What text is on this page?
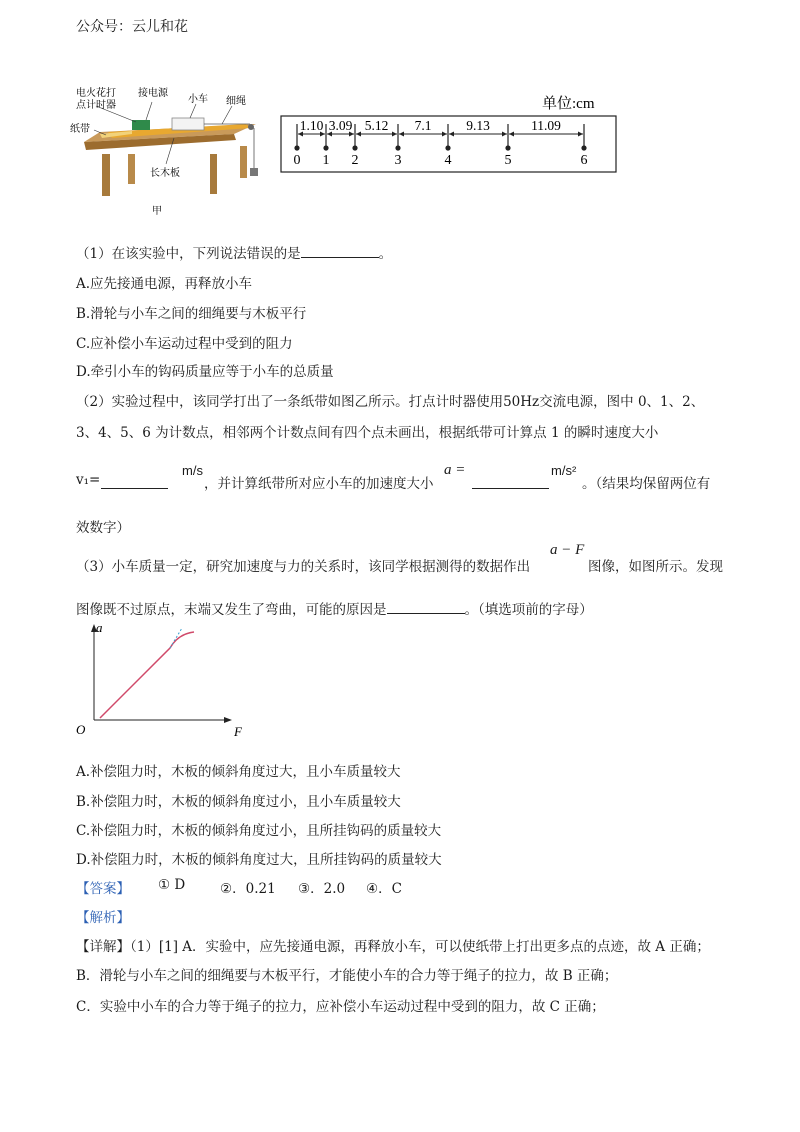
公众号：云儿和花
电火花打
点计时器
接电源
小车 细绳
纸带
长木板
甲
单位:cm
0 1 2	3	4	5	6
1.10 3.09 5.12 7.1	9.13	11.09
（1）在该实验中，下列说法错误的是	。
A.应先接通电源，再释放小车
B.滑轮与小车之间的细绳要与木板平行
C.应补偿小车运动过程中受到的阻力
D.牵引小车的钩码质量应等于小车的总质量
（2）实验过程中，该同学打出了一条纸带如图乙所示。打点计时器使用50Hz交流电源，图中 0、1、2、
3、4、5、6 为计数点，相邻两个计数点间有四个点未画出，根据纸带可计算点 1 的瞬时速度大小
v₁=
m/s
，并计算纸带所对应小车的加速度大小
a =	m/s²
。（结果均保留两位有
效数字）
（3）小车质量一定，研究加速度与力的关系时，该同学根据测得的数据作出
a − F
图像，如图所示。发现
图像既不过原点，末端又发生了弯曲，可能的原因是	。（填选项前的字母）
a
O	F
A.补偿阻力时，木板的倾斜角度过大，且小车质量较大
B.补偿阻力时，木板的倾斜角度过小，且小车质量较大
C.补偿阻力时，木板的倾斜角度过小，且所挂钩码的质量较大
D.补偿阻力时，木板的倾斜角度过大，且所挂钩码的质量较大
【答案】 ① D	②．0.21 ③．2.0 ④．C
【解析】
【详解】（1）[1] A．实验中，应先接通电源，再释放小车，可以使纸带上打出更多点的点迹，故 A 正确；
B．滑轮与小车之间的细绳要与木板平行，才能使小车的合力等于绳子的拉力，故 B 正确；
C．实验中小车的合力等于绳子的拉力，应补偿小车运动过程中受到的阻力，故 C 正确；
